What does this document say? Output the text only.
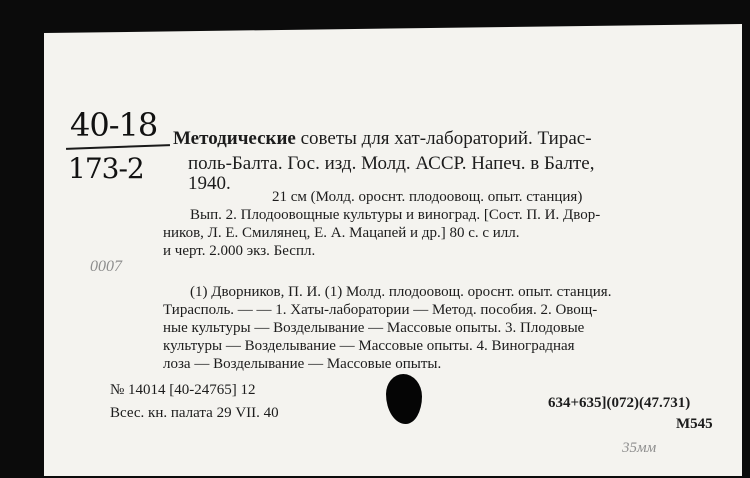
40-18
173-2
Методические советы для хат-лабораторий. Тирас-
поль-Балта. Гос. изд. Молд. АССР. Напеч. в Балте,
1940.
21 см (Молд. ороснт. плодоовощ. опыт. станция)
Вып. 2. Плодоовощные культуры и виноград. [Сост. П. И. Двор-
ников, Л. Е. Смилянец, Е. А. Мацапей и др.] 80 с. с илл.
и черт. 2.000 экз. Беспл.
0007
(1) Дворников, П. И. (1) Молд. плодоовощ. ороснт. опыт. станция.
Тирасполь. — — 1. Хаты-лаборатории — Метод. пособия. 2. Овощ-
ные культуры — Возделывание — Массовые опыты. 3. Плодовые
культуры — Возделывание — Массовые опыты. 4. Виноградная
лоза — Возделывание — Массовые опыты.
№ 14014 [40-24765] 12
Всес. кн. палата 29 VII. 40
634+635](072)(47.731)
М545
35мм
